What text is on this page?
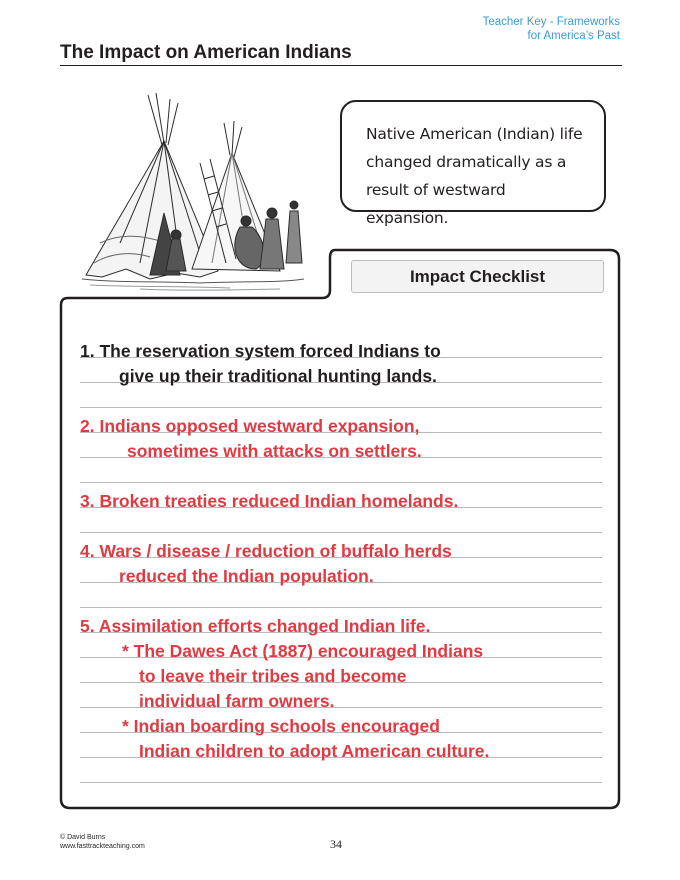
Teacher Key - Frameworks
for America’s Past
The Impact on American Indians
Native American (Indian) life
changed dramatically as a
result of westward expansion.
Impact Checklist
1. The reservation system forced Indians to
give up their traditional hunting lands.
2. Indians opposed westward expansion,
sometimes with attacks on settlers.
3. Broken treaties reduced Indian homelands.
4. Wars / disease / reduction of buffalo herds
reduced the Indian population.
5. Assimilation efforts changed Indian life.
* The Dawes Act (1887) encouraged Indians
to leave their tribes and become
individual farm owners.
* Indian boarding schools encouraged
Indian children to adopt American culture.
© David Burns
www.fasttrackteaching.com	34
